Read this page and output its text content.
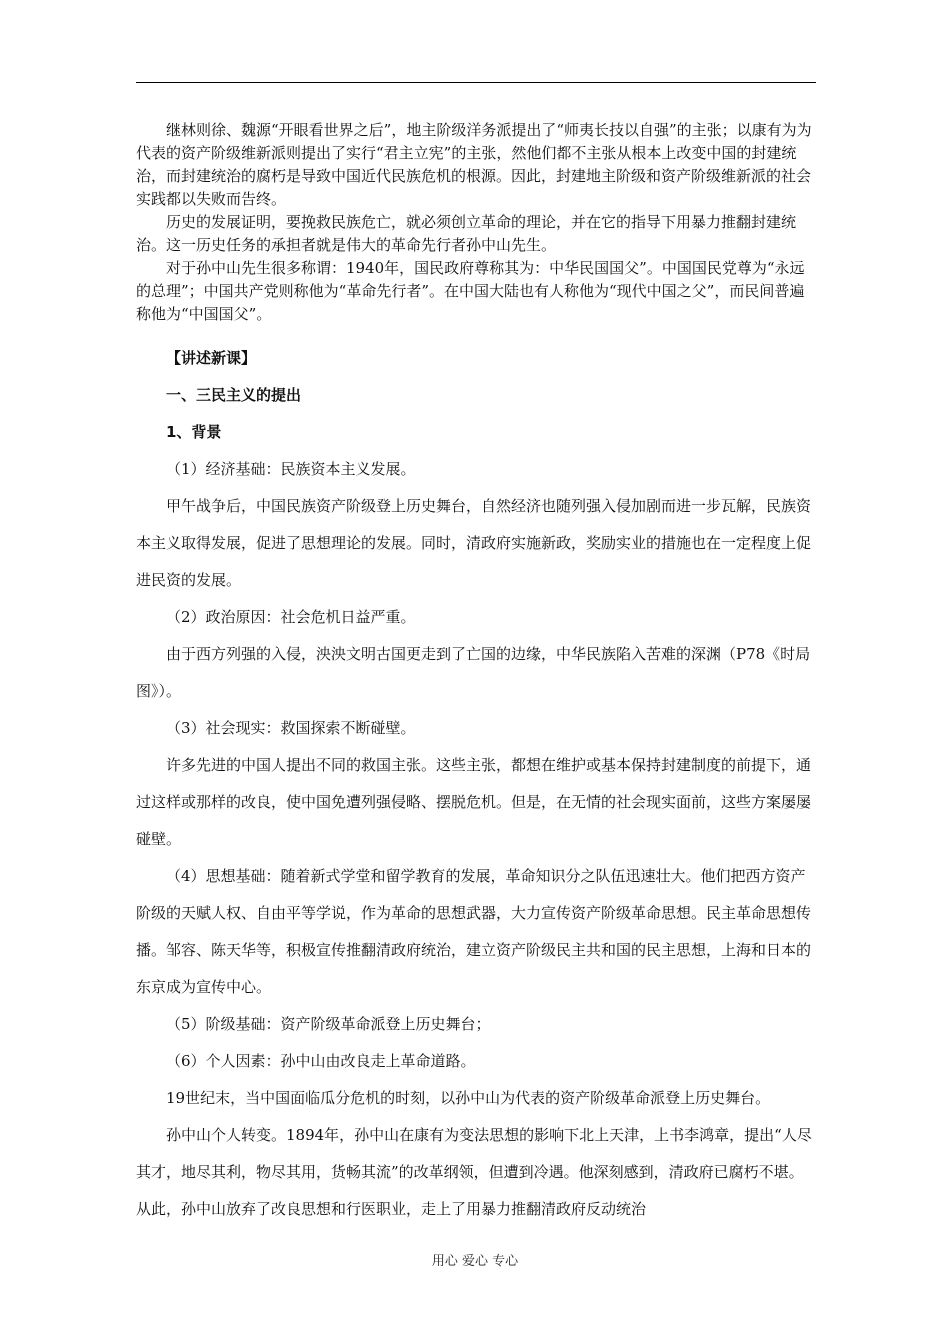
继林则徐、魏源“开眼看世界之后”，地主阶级洋务派提出了“师夷长技以自强”的主张；以康有为为代表的资产阶级维新派则提出了实行“君主立宪”的主张，然他们都不主张从根本上改变中国的封建统治，而封建统治的腐朽是导致中国近代民族危机的根源。因此，封建地主阶级和资产阶级维新派的社会实践都以失败而告终。

历史的发展证明，要挽救民族危亡，就必须创立革命的理论，并在它的指导下用暴力推翻封建统治。这一历史任务的承担者就是伟大的革命先行者孙中山先生。

对于孙中山先生很多称谓：1940年，国民政府尊称其为：中华民国国父”。中国国民党尊为“永远的总理”；中国共产党则称他为“革命先行者”。在中国大陆也有人称他为“现代中国之父”，而民间普遍称他为“中国国父”。

【讲述新课】

一、三民主义的提出

1、背景

（1）经济基础：民族资本主义发展。

甲午战争后，中国民族资产阶级登上历史舞台，自然经济也随列强入侵加剧而进一步瓦解，民族资本主义取得发展，促进了思想理论的发展。同时，清政府实施新政，奖励实业的措施也在一定程度上促进民资的发展。

（2）政治原因：社会危机日益严重。

由于西方列强的入侵，泱泱文明古国更走到了亡国的边缘，中华民族陷入苦难的深渊（P78《时局图》）。

（3）社会现实：救国探索不断碰壁。

许多先进的中国人提出不同的救国主张。这些主张，都想在维护或基本保持封建制度的前提下，通过这样或那样的改良，使中国免遭列强侵略、摆脱危机。但是，在无情的社会现实面前，这些方案屡屡碰壁。

（4）思想基础：随着新式学堂和留学教育的发展，革命知识分之队伍迅速壮大。他们把西方资产阶级的天赋人权、自由平等学说，作为革命的思想武器，大力宣传资产阶级革命思想。民主革命思想传播。邹容、陈天华等，积极宣传推翻清政府统治，建立资产阶级民主共和国的民主思想，上海和日本的东京成为宣传中心。

（5）阶级基础：资产阶级革命派登上历史舞台；

（6）个人因素：孙中山由改良走上革命道路。

19世纪末，当中国面临瓜分危机的时刻，以孙中山为代表的资产阶级革命派登上历史舞台。

孙中山个人转变。1894年，孙中山在康有为变法思想的影响下北上天津，上书李鸿章，提出“人尽其才，地尽其利，物尽其用，货畅其流”的改革纲领，但遭到冷遇。他深刻感到，清政府已腐朽不堪。从此，孙中山放弃了改良思想和行医职业，走上了用暴力推翻清政府反动统治

用心 爱心 专心
